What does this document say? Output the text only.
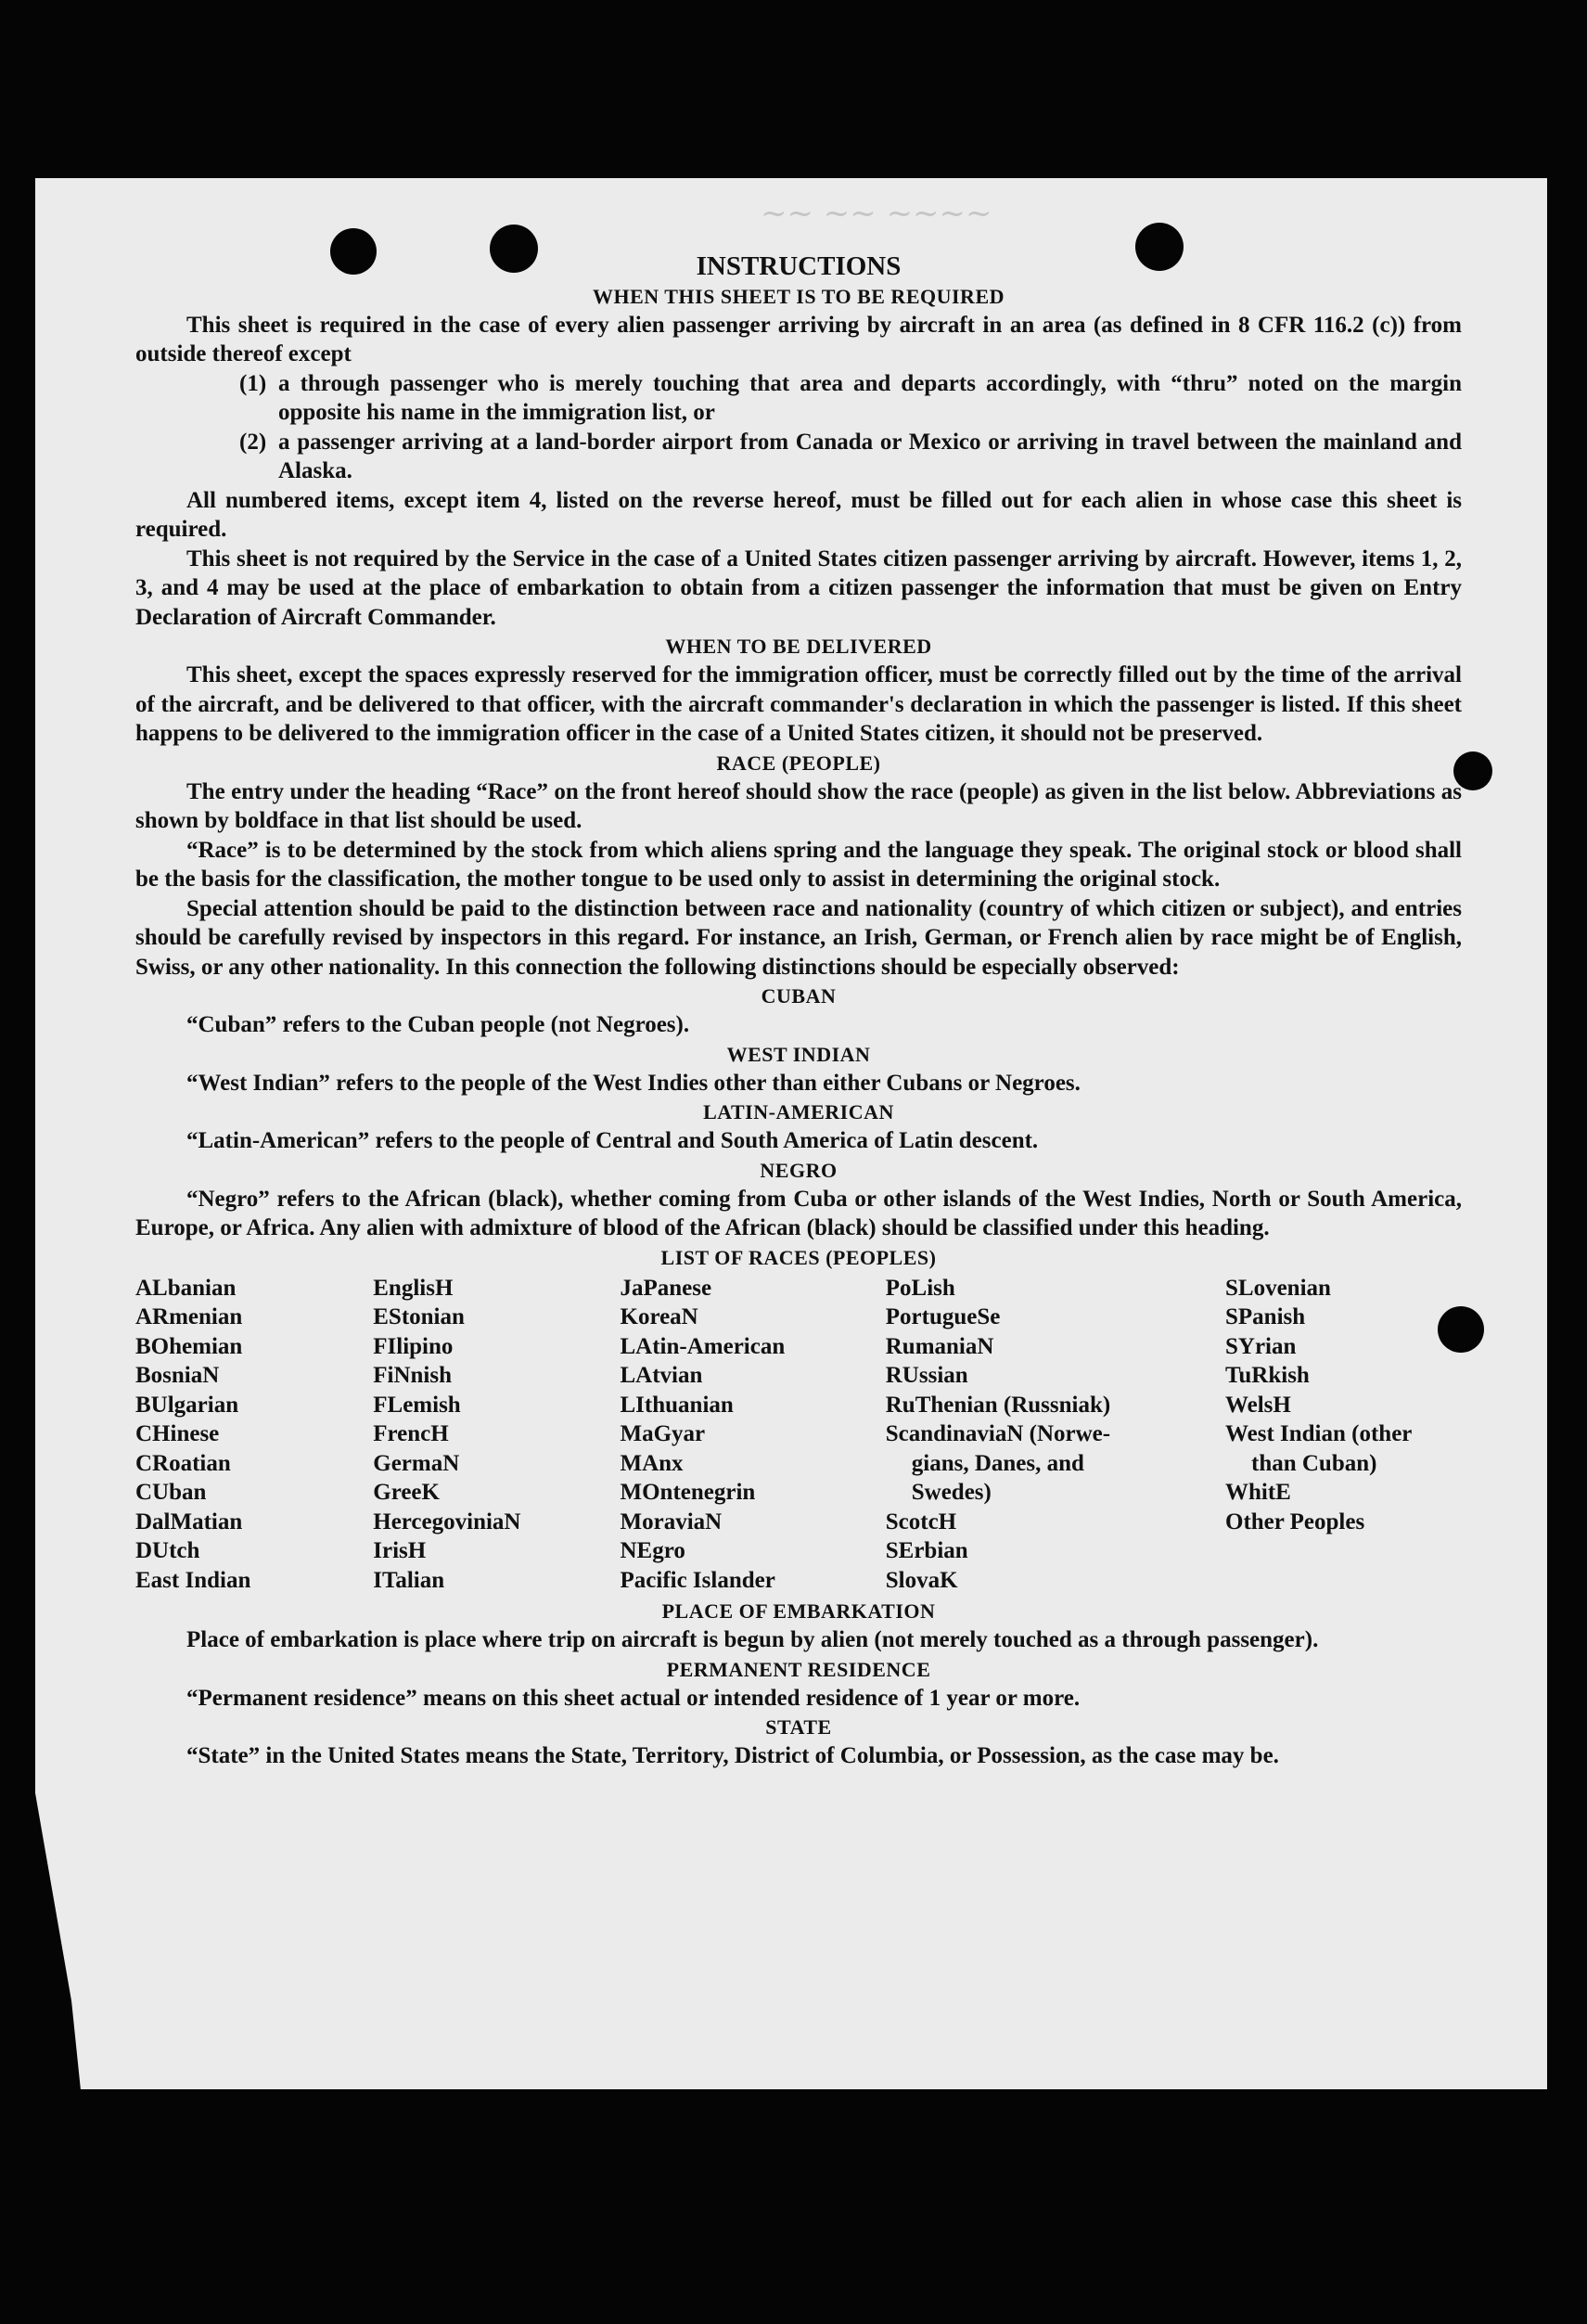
~~ ~~ ~~~~

INSTRUCTIONS

WHEN THIS SHEET IS TO BE REQUIRED

This sheet is required in the case of every alien passenger arriving by aircraft in an area (as defined in 8 CFR 116.2 (c)) from outside thereof except

(1) a through passenger who is merely touching that area and departs accordingly, with “thru” noted on the margin opposite his name in the immigration list, or
(2) a passenger arriving at a land-border airport from Canada or Mexico or arriving in travel between the mainland and Alaska.

All numbered items, except item 4, listed on the reverse hereof, must be filled out for each alien in whose case this sheet is required.

This sheet is not required by the Service in the case of a United States citizen passenger arriving by aircraft. However, items 1, 2, 3, and 4 may be used at the place of embarkation to obtain from a citizen passenger the information that must be given on Entry Declaration of Aircraft Commander.

WHEN TO BE DELIVERED

This sheet, except the spaces expressly reserved for the immigration officer, must be correctly filled out by the time of the arrival of the aircraft, and be delivered to that officer, with the aircraft commander's declaration in which the passenger is listed. If this sheet happens to be delivered to the immigration officer in the case of a United States citizen, it should not be preserved.

RACE (PEOPLE)

The entry under the heading “Race” on the front hereof should show the race (people) as given in the list below. Abbreviations as shown by boldface in that list should be used.

“Race” is to be determined by the stock from which aliens spring and the language they speak. The original stock or blood shall be the basis for the classification, the mother tongue to be used only to assist in determining the original stock.

Special attention should be paid to the distinction between race and nationality (country of which citizen or subject), and entries should be carefully revised by inspectors in this regard. For instance, an Irish, German, or French alien by race might be of English, Swiss, or any other nationality. In this connection the following distinctions should be especially observed:

CUBAN

“Cuban” refers to the Cuban people (not Negroes).

WEST INDIAN

“West Indian” refers to the people of the West Indies other than either Cubans or Negroes.

LATIN-AMERICAN

“Latin-American” refers to the people of Central and South America of Latin descent.

NEGRO

“Negro” refers to the African (black), whether coming from Cuba or other islands of the West Indies, North or South America, Europe, or Africa. Any alien with admixture of blood of the African (black) should be classified under this heading.

LIST OF RACES (PEOPLES)

ALbanian
ARmenian
BOhemian
BosniaN
BUlgarian
CHinese
CRoatian
CUban
DalMatian
DUtch
East Indian
EnglisH
EStonian
FIlipino
FiNnish
FLemish
FrencH
GermaN
GreeK
HercegoviniaN
IrisH
ITalian
JaPanese
KoreaN
LAtin-American
LAtvian
LIthuanian
MaGyar
MAnx
MOntenegrin
MoraviaN
NEgro
Pacific Islander
PoLish
PortugueSe
RumaniaN
RUssian
RuThenian (Russniak)
ScandinaviaN (Norwe-
gians, Danes, and
Swedes)
ScotcH
SErbian
SlovaK
SLovenian
SPanish
SYrian
TuRkish
WelsH
West Indian (other
than Cuban)
WhitE
Other Peoples

PLACE OF EMBARKATION

Place of embarkation is place where trip on aircraft is begun by alien (not merely touched as a through passenger).

PERMANENT RESIDENCE

“Permanent residence” means on this sheet actual or intended residence of 1 year or more.

STATE

“State” in the United States means the State, Territory, District of Columbia, or Possession, as the case may be.
